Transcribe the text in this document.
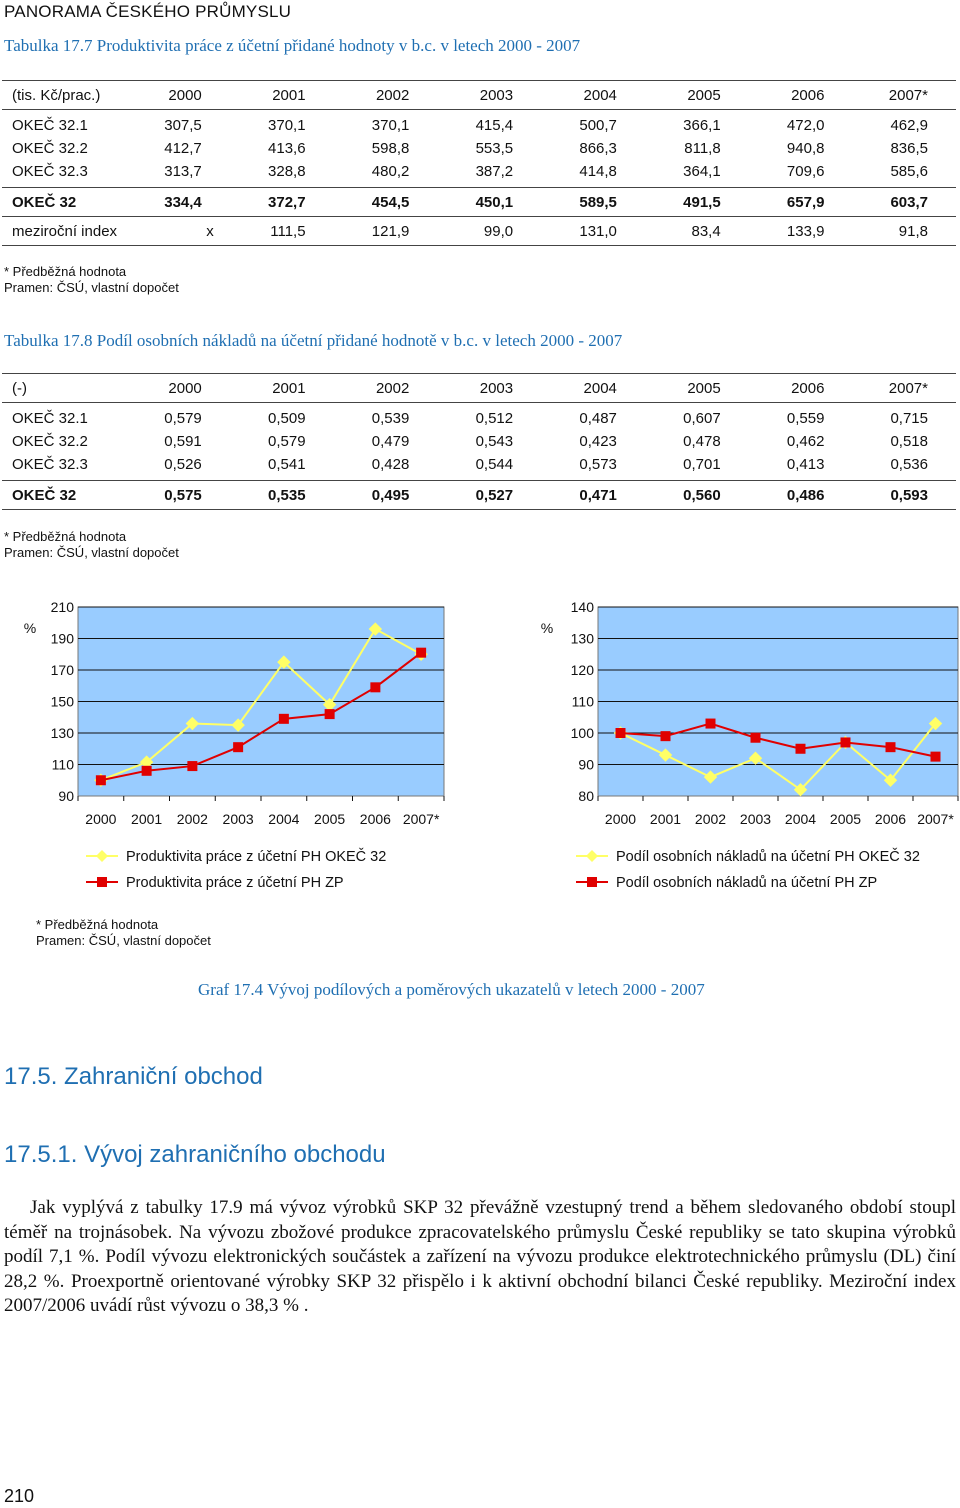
PANORAMA ČESKÉHO PRŮMYSLU
Tabulka 17.7 Produktivita práce z účetní přidané hodnoty v b.c. v letech 2000 - 2007
(tis. Kč/prac.)	2000	2001	2002	2003	2004	2005	2006	2007*
OKEČ 32.1	307,5	370,1	370,1	415,4	500,7	366,1	472,0	462,9
OKEČ 32.2	412,7	413,6	598,8	553,5	866,3	811,8	940,8	836,5
OKEČ 32.3	313,7	328,8	480,2	387,2	414,8	364,1	709,6	585,6

OKEČ 32	334,4	372,7	454,5	450,1	589,5	491,5	657,9	603,7
meziroční index	x	111,5	121,9	99,0	131,0	83,4	133,9	91,8
* Předběžná hodnota
Pramen: ČSÚ, vlastní dopočet
Tabulka 17.8 Podíl osobních nákladů na účetní přidané hodnotě v b.c. v letech 2000 - 2007
(-)	2000	2001	2002	2003	2004	2005	2006	2007*
OKEČ 32.1	0,579	0,509	0,539	0,512	0,487	0,607	0,559	0,715
OKEČ 32.2	0,591	0,579	0,479	0,543	0,423	0,478	0,462	0,518
OKEČ 32.3	0,526	0,541	0,428	0,544	0,573	0,701	0,413	0,536

OKEČ 32	0,575	0,535	0,495	0,527	0,471	0,560	0,486	0,593
* Předběžná hodnota
Pramen: ČSÚ, vlastní dopočet
90
110
130
150
170
190
210
%
2000 2001 2002 2003 2004 2005 2006 2007*
Produktivita práce z účetní PH OKEČ 32
Produktivita práce z účetní PH ZP
80
90
100
110
120
130
140
%
2000 2001 2002 2003 2004 2005 2006 2007*
Podíl osobních nákladů na účetní PH OKEČ 32
Podíl osobních nákladů na účetní PH ZP
* Předběžná hodnota
Pramen: ČSÚ, vlastní dopočet
Graf 17.4 Vývoj podílových a poměrových ukazatelů v letech 2000 - 2007
17.5. Zahraniční obchod
17.5.1. Vývoj zahraničního obchodu
Jak vyplývá z tabulky 17.9 má vývoz výrobků SKP 32 převážně vzestupný trend a během sledovaného období stoupl téměř na trojnásobek. Na vývozu zbožové produkce zpracovatelského průmyslu České republiky se tato skupina výrobků podíl 7,1 %. Podíl vývozu elektronických součástek a zařízení na vývozu produkce elektrotechnického průmyslu (DL) činí 28,2 %. Proexportně orientované výrobky SKP 32 přispělo i k aktivní obchodní bilanci České republiky. Meziroční index 2007/2006 uvádí růst vývozu o 38,3 % .
210
